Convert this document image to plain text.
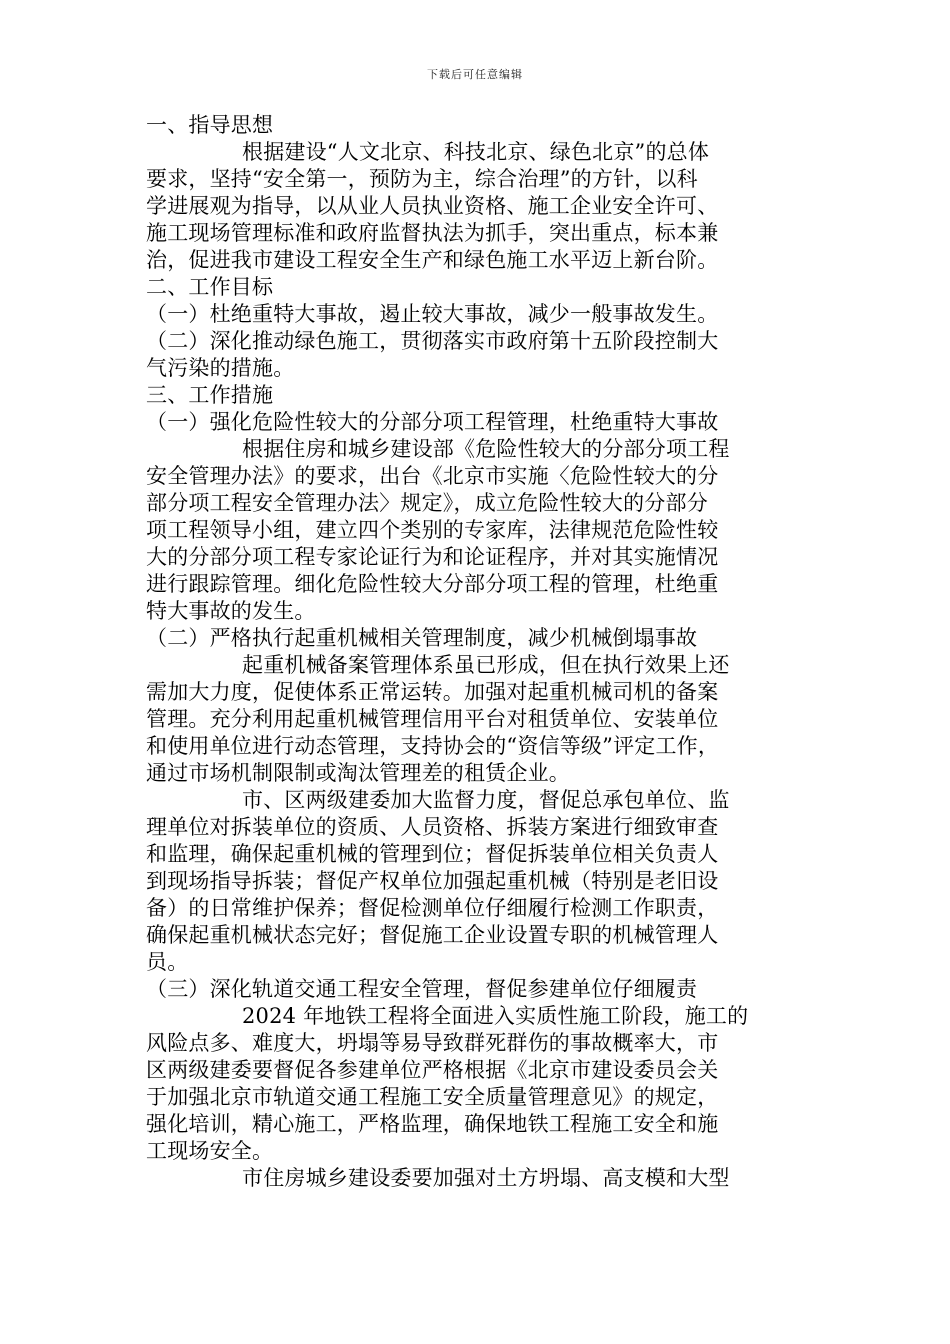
下载后可任意编辑
一、指导思想
根据建设“人文北京、科技北京、绿色北京”的总体
要求，坚持“安全第一，预防为主，综合治理”的方针，以科
学进展观为指导，以从业人员执业资格、施工企业安全许可、
施工现场管理标准和政府监督执法为抓手，突出重点，标本兼
治，促进我市建设工程安全生产和绿色施工水平迈上新台阶。
二、工作目标
（一）杜绝重特大事故，遏止较大事故，减少一般事故发生。
（二）深化推动绿色施工，贯彻落实市政府第十五阶段控制大
气污染的措施。
三、工作措施
（一）强化危险性较大的分部分项工程管理，杜绝重特大事故
根据住房和城乡建设部《危险性较大的分部分项工程
安全管理办法》的要求，出台《北京市实施〈危险性较大的分
部分项工程安全管理办法〉规定》，成立危险性较大的分部分
项工程领导小组，建立四个类别的专家库，法律规范危险性较
大的分部分项工程专家论证行为和论证程序，并对其实施情况
进行跟踪管理。细化危险性较大分部分项工程的管理，杜绝重
特大事故的发生。
（二）严格执行起重机械相关管理制度，减少机械倒塌事故
起重机械备案管理体系虽已形成，但在执行效果上还
需加大力度，促使体系正常运转。加强对起重机械司机的备案
管理。充分利用起重机械管理信用平台对租赁单位、安装单位
和使用单位进行动态管理，支持协会的“资信等级”评定工作，
通过市场机制限制或淘汰管理差的租赁企业。
市、区两级建委加大监督力度，督促总承包单位、监
理单位对拆装单位的资质、人员资格、拆装方案进行细致审查
和监理，确保起重机械的管理到位；督促拆装单位相关负责人
到现场指导拆装；督促产权单位加强起重机械（特别是老旧设
备）的日常维护保养；督促检测单位仔细履行检测工作职责，
确保起重机械状态完好；督促施工企业设置专职的机械管理人
员。
（三）深化轨道交通工程安全管理，督促参建单位仔细履责
2024 年地铁工程将全面进入实质性施工阶段，施工的
风险点多、难度大，坍塌等易导致群死群伤的事故概率大，市
区两级建委要督促各参建单位严格根据《北京市建设委员会关
于加强北京市轨道交通工程施工安全质量管理意见》的规定，
强化培训，精心施工，严格监理，确保地铁工程施工安全和施
工现场安全。
市住房城乡建设委要加强对土方坍塌、高支模和大型
